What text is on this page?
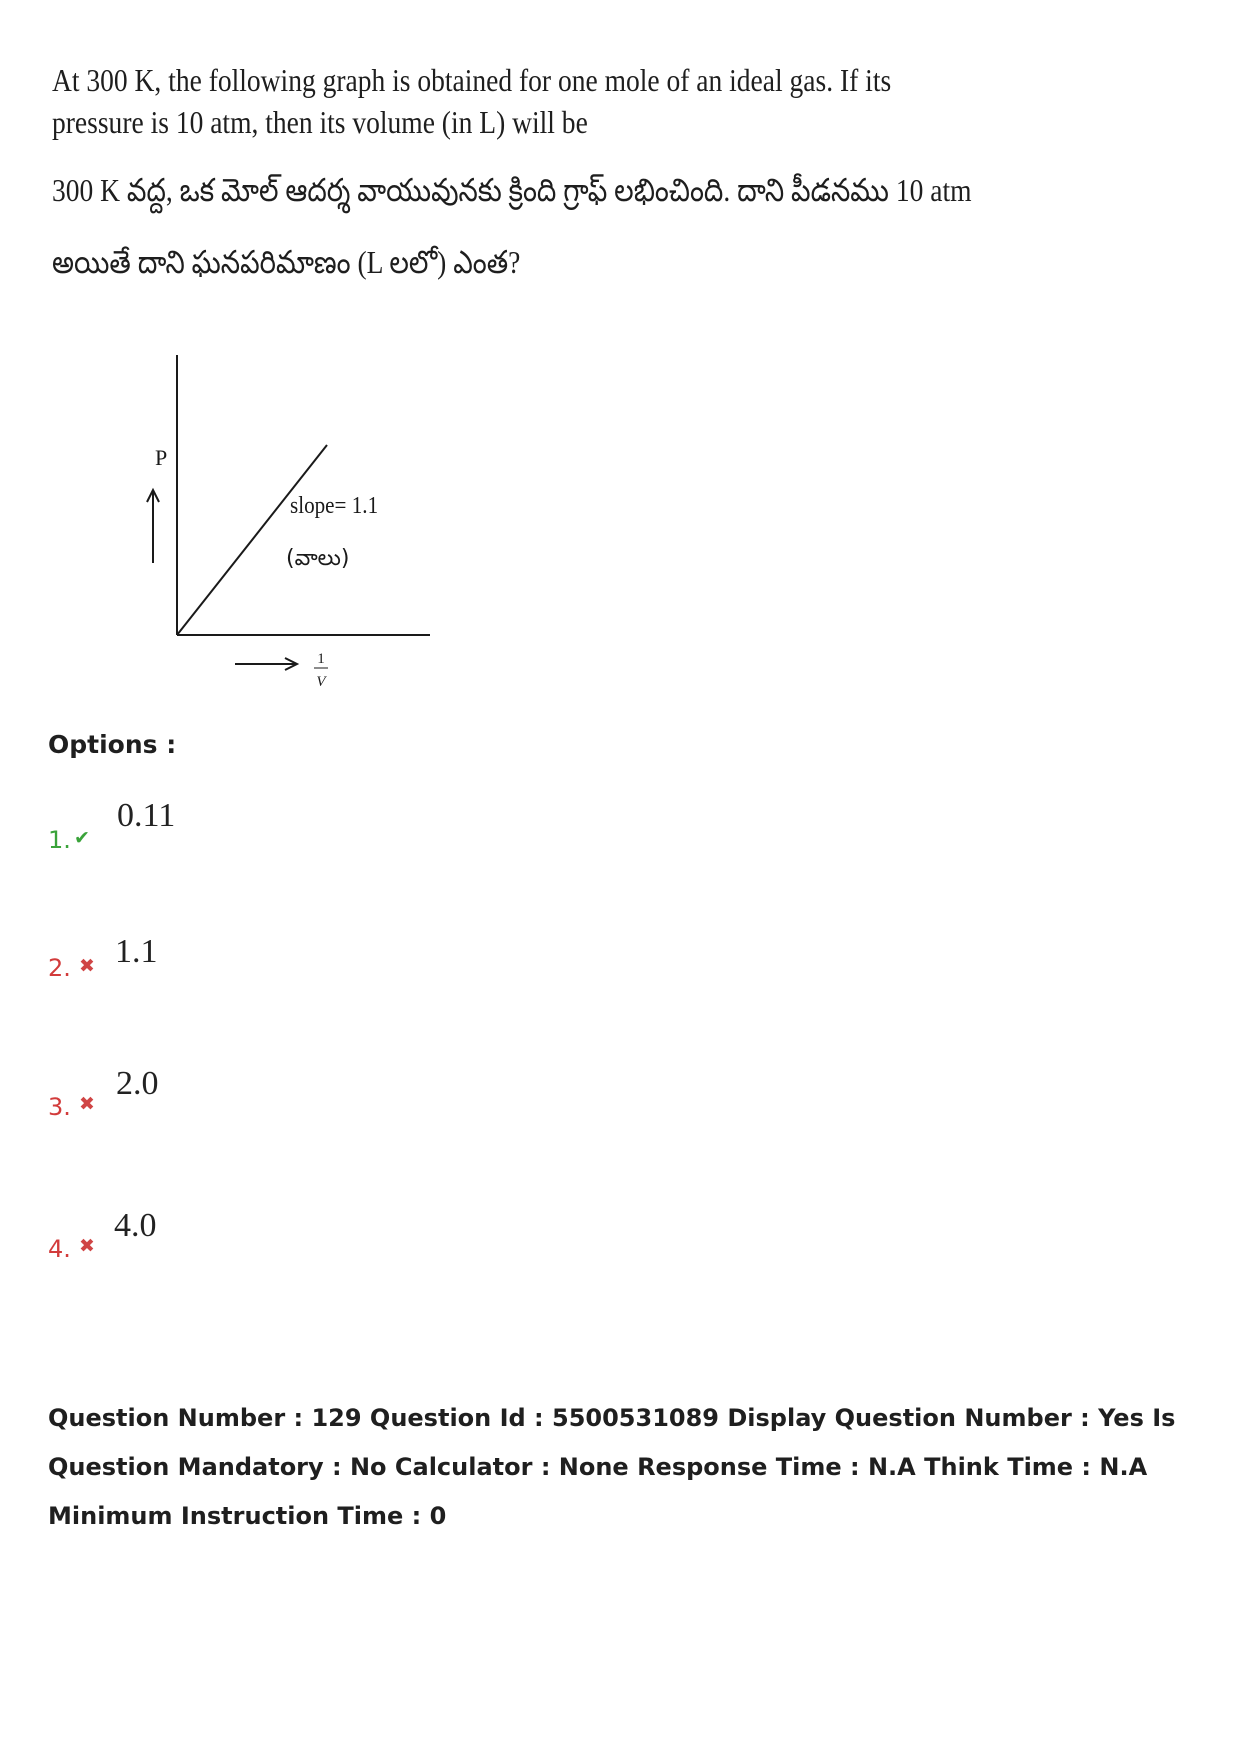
At 300 K, the following graph is obtained for one mole of an ideal gas. If its
pressure is 10 atm, then its volume (in L) will be
300 K వద్ద, ఒక మోల్ ఆదర్శ వాయువునకు క్రింది గ్రాఫ్ లభించింది. దాని పీడనము 10 atm
అయితే దాని ఘనపరిమాణం (L లలో) ఎంత?
P
slope= 1.1
(వాలు)
1
V
Options :
1. ✔
0.11
2. ✖ 1.1
3. ✖
2.0
4. ✖
4.0
Question Number : 129 Question Id : 5500531089 Display Question Number : Yes Is Question Mandatory : No Calculator : None Response Time : N.A Think Time : N.A Minimum Instruction Time : 0
